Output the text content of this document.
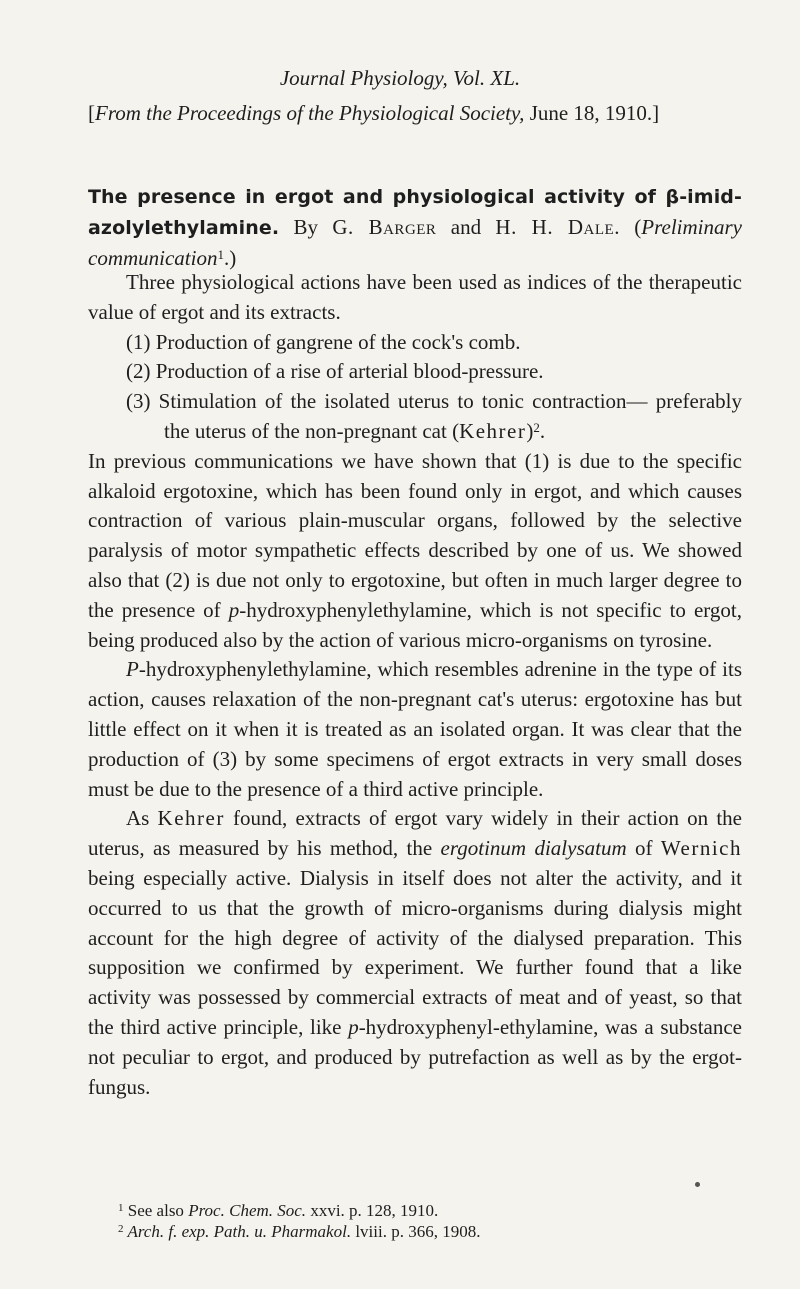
Journal Physiology, Vol. XL.
[From the Proceedings of the Physiological Society, June 18, 1910.]

The presence in ergot and physiological activity of β-imid-azolylethylamine. By G. Barger and H. H. Dale. (Preliminary communication$^1$.)

Three physiological actions have been used as indices of the therapeutic value of ergot and its extracts.

(1) Production of gangrene of the cock's comb.

(2) Production of a rise of arterial blood-pressure.

(3) Stimulation of the isolated uterus to tonic contraction— preferably the uterus of the non-pregnant cat (Kehrer)$^2$.

In previous communications we have shown that (1) is due to the specific alkaloid ergotoxine, which has been found only in ergot, and which causes contraction of various plain-muscular organs, followed by the selective paralysis of motor sympathetic effects described by one of us. We showed also that (2) is due not only to ergotoxine, but often in much larger degree to the presence of p-hydroxyphenylethylamine, which is not specific to ergot, being produced also by the action of various micro-organisms on tyrosine.

P-hydroxyphenylethylamine, which resembles adrenine in the type of its action, causes relaxation of the non-pregnant cat's uterus: ergotoxine has but little effect on it when it is treated as an isolated organ. It was clear that the production of (3) by some specimens of ergot extracts in very small doses must be due to the presence of a third active principle.

As Kehrer found, extracts of ergot vary widely in their action on the uterus, as measured by his method, the ergotinum dialysatum of Wernich being especially active. Dialysis in itself does not alter the activity, and it occurred to us that the growth of micro-organisms during dialysis might account for the high degree of activity of the dialysed preparation. This supposition we confirmed by experiment. We further found that a like activity was possessed by commercial extracts of meat and of yeast, so that the third active principle, like p-hydroxyphenyl-ethylamine, was a substance not peculiar to ergot, and produced by putrefaction as well as by the ergot-fungus.

$^1$ See also Proc. Chem. Soc. xxvi. p. 128, 1910.
$^2$ Arch. f. exp. Path. u. Pharmakol. lviii. p. 366, 1908.
